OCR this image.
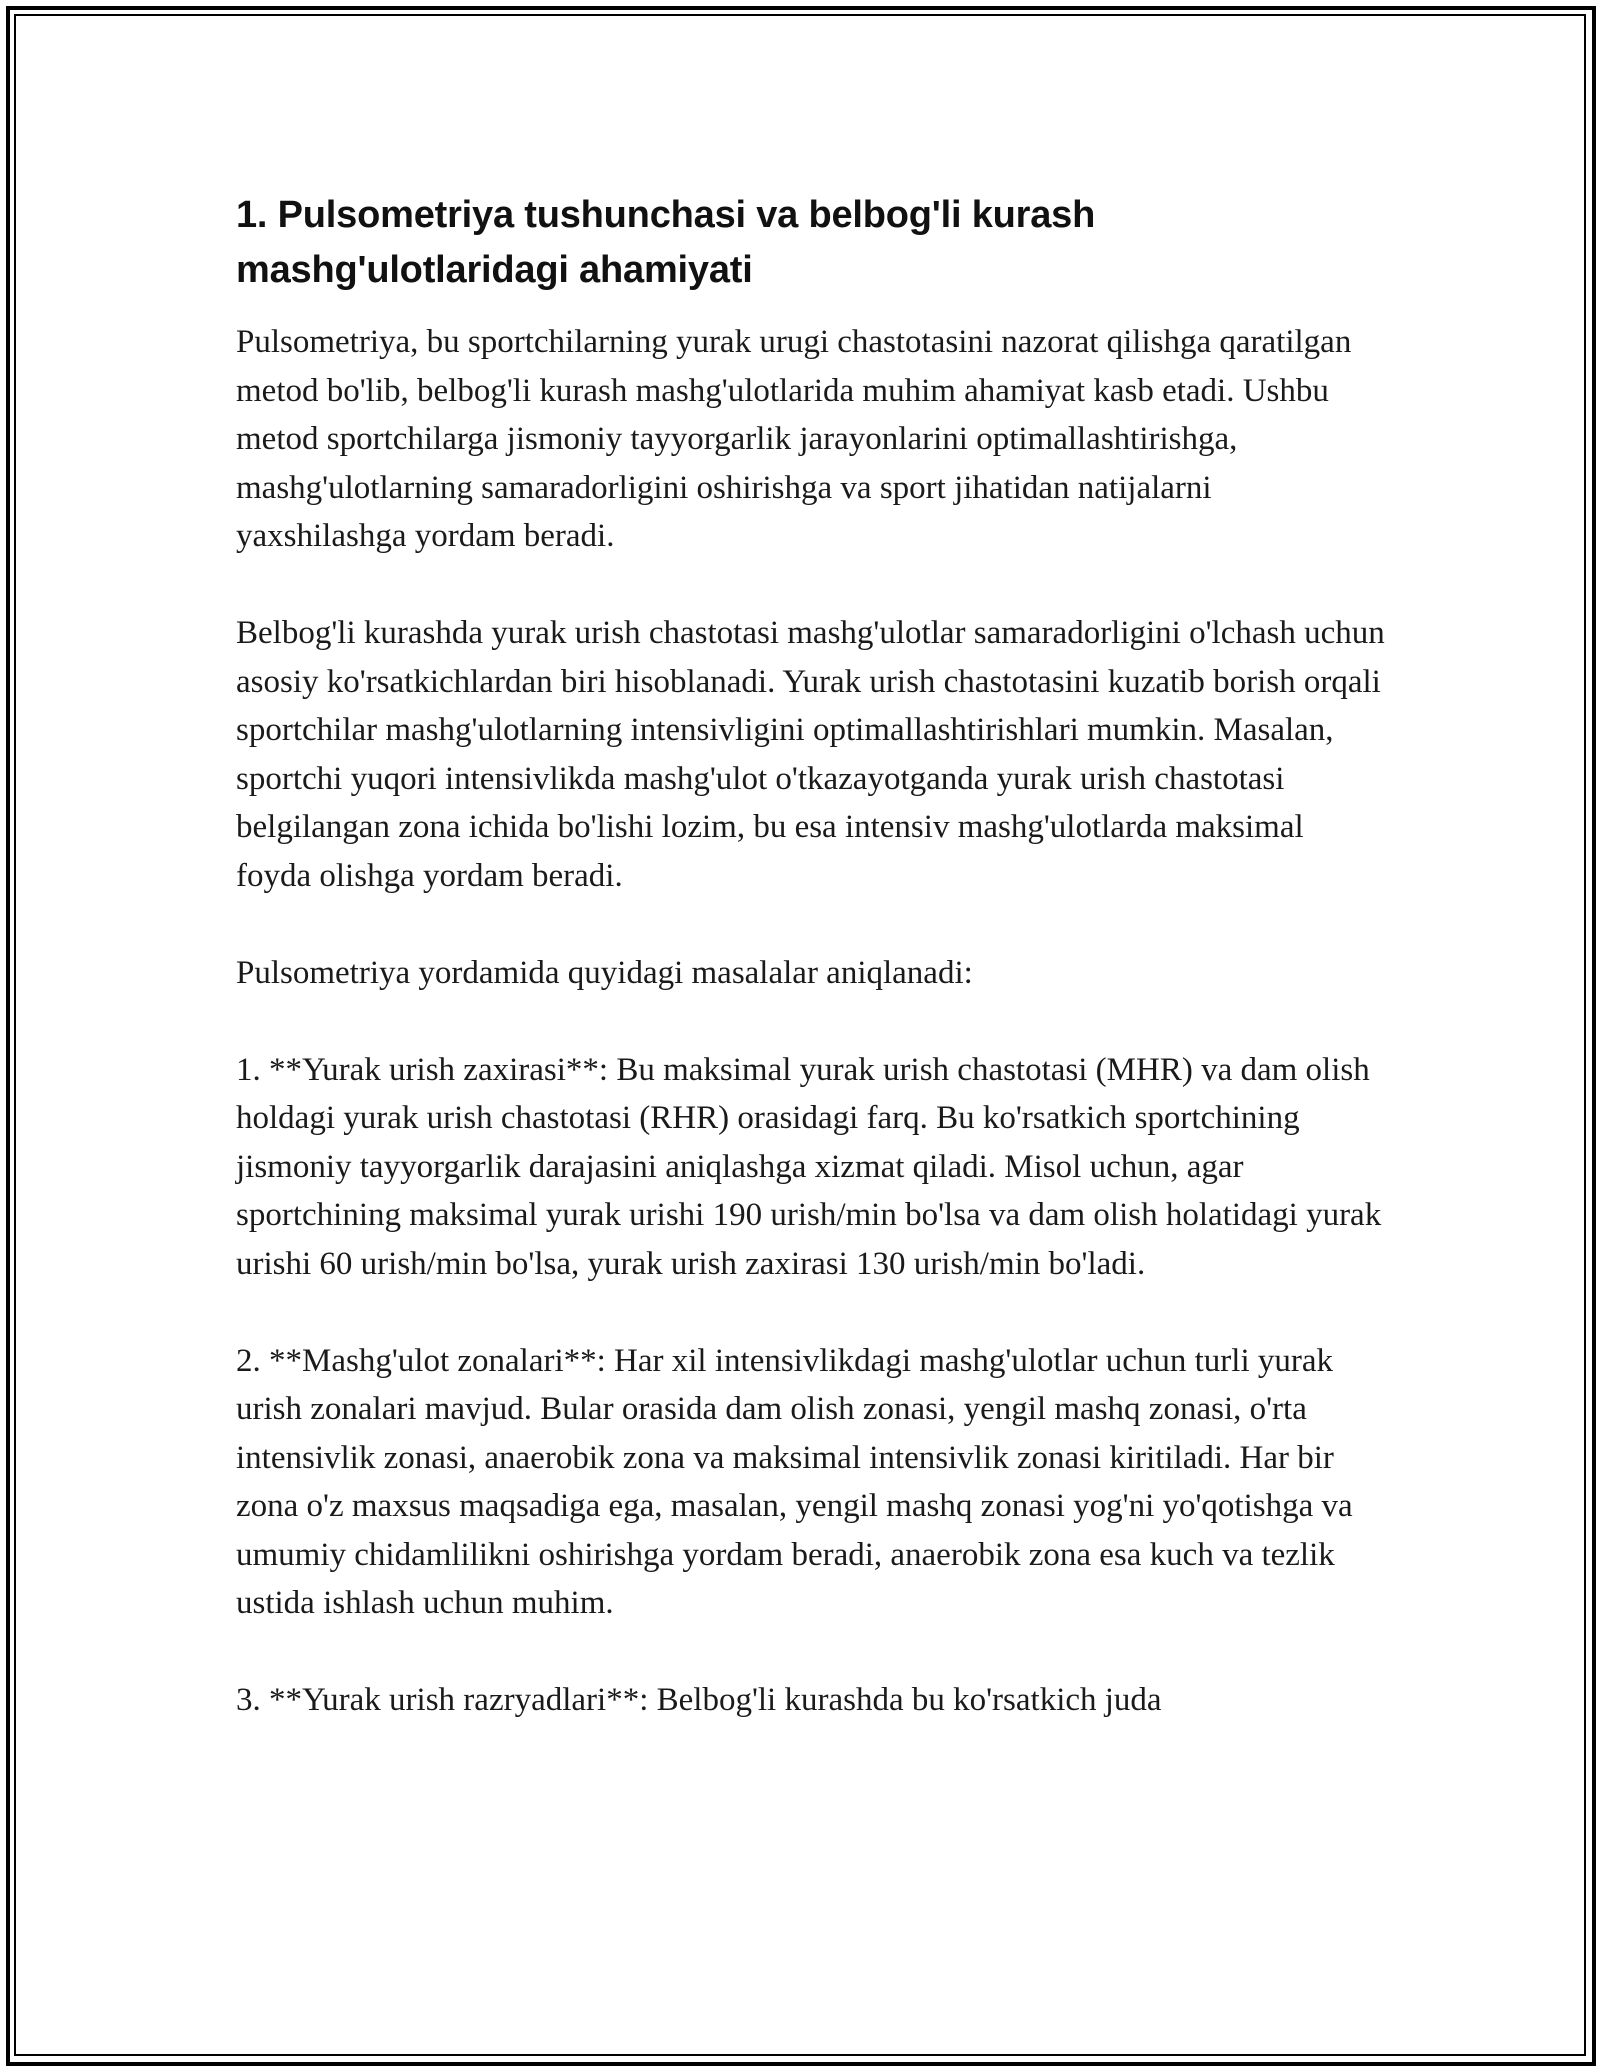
1. Pulsometriya tushunchasi va belbog'li kurash mashg'ulotlaridagi ahamiyati

Pulsometriya, bu sportchilarning yurak urugi chastotasini nazorat qilishga qaratilgan metod bo'lib, belbog'li kurash mashg'ulotlarida muhim ahamiyat kasb etadi. Ushbu metod sportchilarga jismoniy tayyorgarlik jarayonlarini optimallashtirishga, mashg'ulotlarning samaradorligini oshirishga va sport jihatidan natijalarni yaxshilashga yordam beradi.

Belbog'li kurashda yurak urish chastotasi mashg'ulotlar samaradorligini o'lchash uchun asosiy ko'rsatkichlardan biri hisoblanadi. Yurak urish chastotasini kuzatib borish orqali sportchilar mashg'ulotlarning intensivligini optimallashtirishlari mumkin. Masalan, sportchi yuqori intensivlikda mashg'ulot o'tkazayotganda yurak urish chastotasi belgilangan zona ichida bo'lishi lozim, bu esa intensiv mashg'ulotlarda maksimal foyda olishga yordam beradi.

Pulsometriya yordamida quyidagi masalalar aniqlanadi:

1. **Yurak urish zaxirasi**: Bu maksimal yurak urish chastotasi (MHR) va dam olish holdagi yurak urish chastotasi (RHR) orasidagi farq. Bu ko'rsatkich sportchining jismoniy tayyorgarlik darajasini aniqlashga xizmat qiladi. Misol uchun, agar sportchining maksimal yurak urishi 190 urish/min bo'lsa va dam olish holatidagi yurak urishi 60 urish/min bo'lsa, yurak urish zaxirasi 130 urish/min bo'ladi.

2. **Mashg'ulot zonalari**: Har xil intensivlikdagi mashg'ulotlar uchun turli yurak urish zonalari mavjud. Bular orasida dam olish zonasi, yengil mashq zonasi, o'rta intensivlik zonasi, anaerobik zona va maksimal intensivlik zonasi kiritiladi. Har bir zona o'z maxsus maqsadiga ega, masalan, yengil mashq zonasi yog'ni yo'qotishga va umumiy chidamlilikni oshirishga yordam beradi, anaerobik zona esa kuch va tezlik ustida ishlash uchun muhim.

3. **Yurak urish razryadlari**: Belbog'li kurashda bu ko'rsatkich juda
